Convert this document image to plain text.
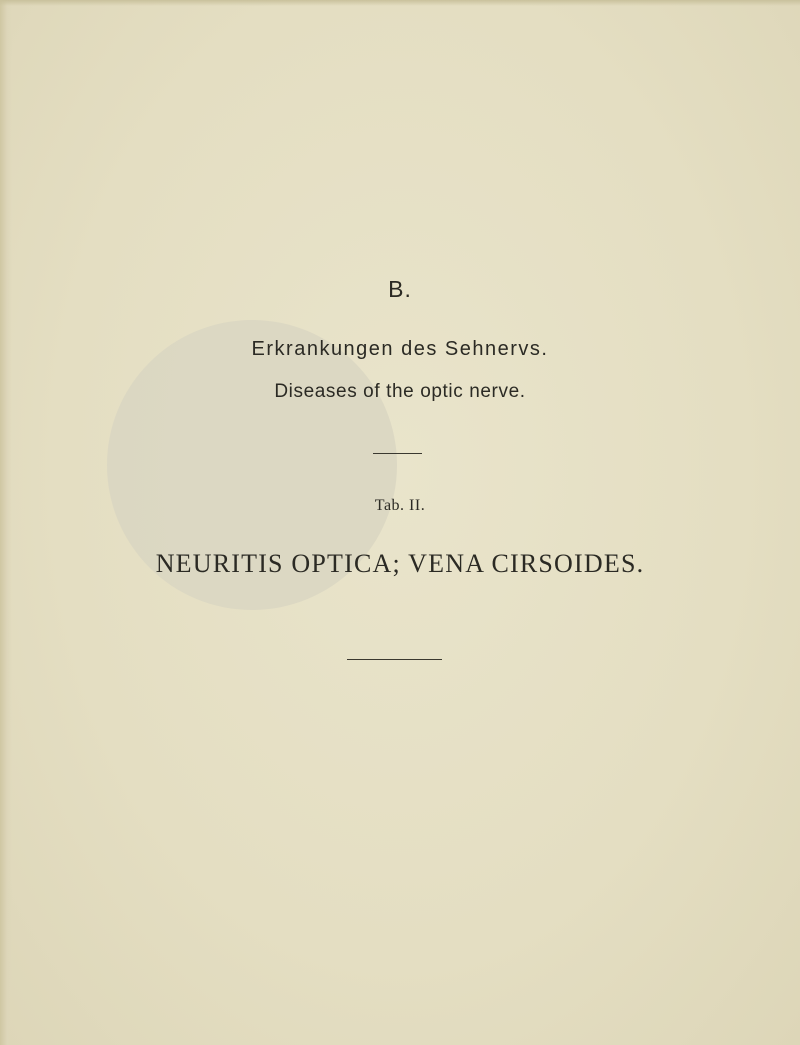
B.
Erkrankungen des Sehnervs.
Diseases of the optic nerve.
Tab. II.
NEURITIS OPTICA; VENA CIRSOIDES.
